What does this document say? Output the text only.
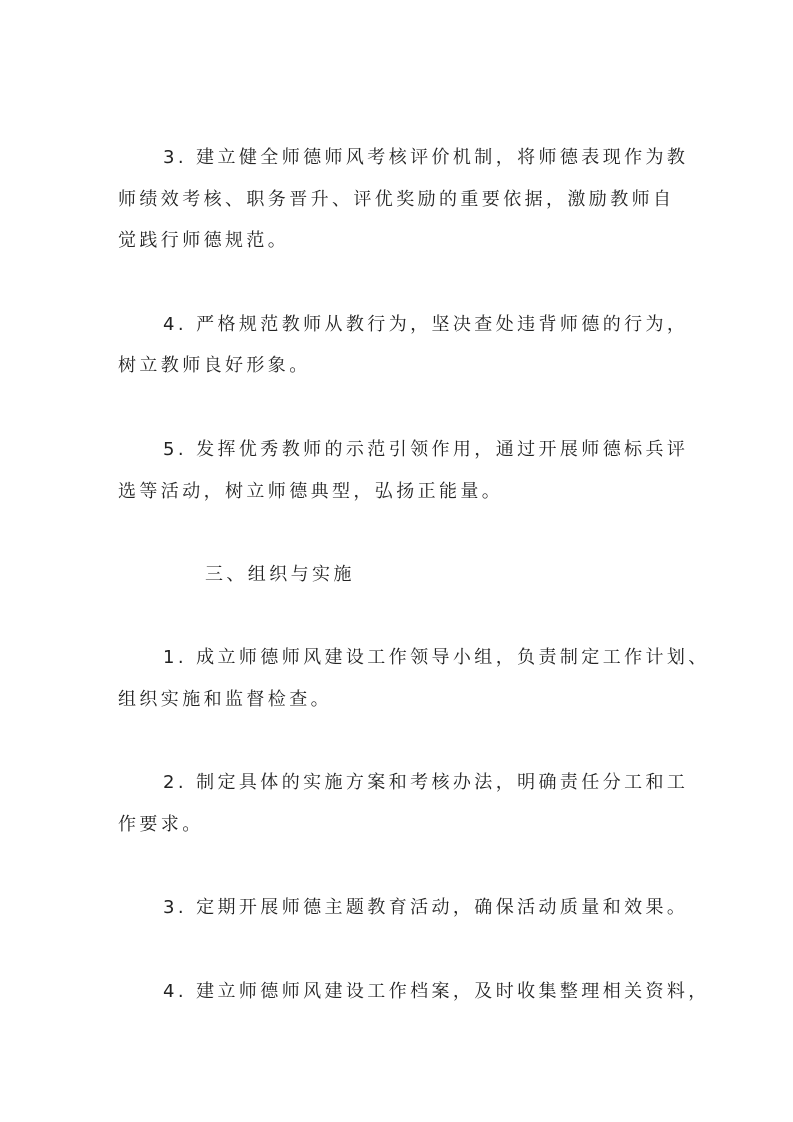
3. 建立健全师德师风考核评价机制，将师德表现作为教
师绩效考核、职务晋升、评优奖励的重要依据，激励教师自
觉践行师德规范。

4. 严格规范教师从教行为，坚决查处违背师德的行为，
树立教师良好形象。

5. 发挥优秀教师的示范引领作用，通过开展师德标兵评
选等活动，树立师德典型，弘扬正能量。

三、组织与实施

1. 成立师德师风建设工作领导小组，负责制定工作计划、
组织实施和监督检查。

2. 制定具体的实施方案和考核办法，明确责任分工和工
作要求。

3. 定期开展师德主题教育活动，确保活动质量和效果。

4. 建立师德师风建设工作档案，及时收集整理相关资料，
